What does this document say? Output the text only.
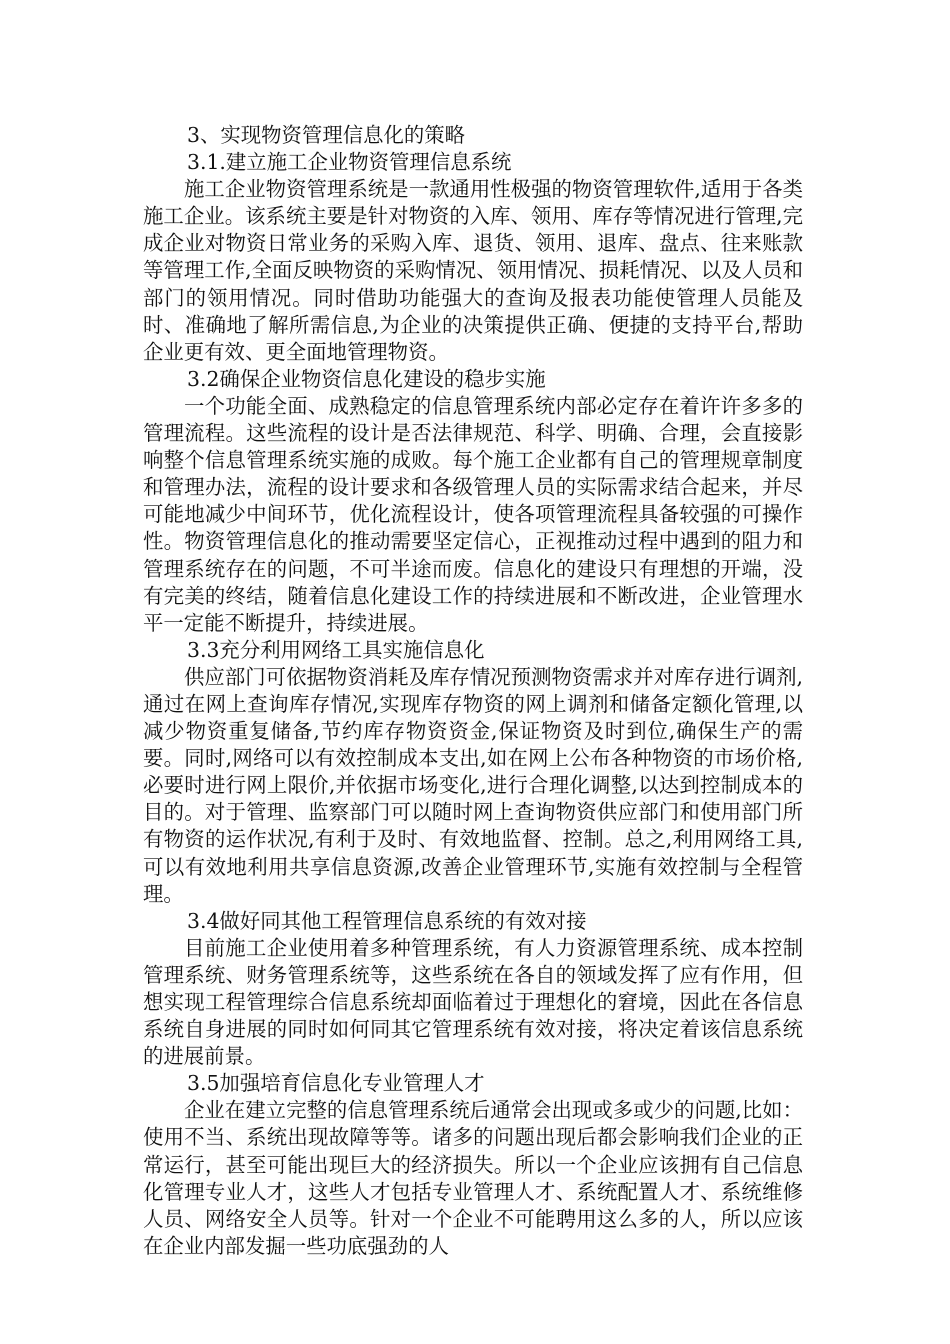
3、实现物资管理信息化的策略

3.1.建立施工企业物资管理信息系统

施工企业物资管理系统是一款通用性极强的物资管理软件,适用于各类施工企业。该系统主要是针对物资的入库、领用、库存等情况进行管理,完成企业对物资日常业务的采购入库、退货、领用、退库、盘点、往来账款等管理工作,全面反映物资的采购情况、领用情况、损耗情况、以及人员和部门的领用情况。同时借助功能强大的查询及报表功能使管理人员能及时、准确地了解所需信息,为企业的决策提供正确、便捷的支持平台,帮助企业更有效、更全面地管理物资。

3.2确保企业物资信息化建设的稳步实施

一个功能全面、成熟稳定的信息管理系统内部必定存在着许许多多的管理流程。这些流程的设计是否法律规范、科学、明确、合理，会直接影响整个信息管理系统实施的成败。每个施工企业都有自己的管理规章制度和管理办法，流程的设计要求和各级管理人员的实际需求结合起来，并尽可能地减少中间环节，优化流程设计，使各项管理流程具备较强的可操作性。物资管理信息化的推动需要坚定信心，正视推动过程中遇到的阻力和管理系统存在的问题，不可半途而废。信息化的建设只有理想的开端，没有完美的终结，随着信息化建设工作的持续进展和不断改进，企业管理水平一定能不断提升，持续进展。

3.3充分利用网络工具实施信息化

供应部门可依据物资消耗及库存情况预测物资需求并对库存进行调剂,通过在网上查询库存情况,实现库存物资的网上调剂和储备定额化管理,以减少物资重复储备,节约库存物资资金,保证物资及时到位,确保生产的需要。同时,网络可以有效控制成本支出,如在网上公布各种物资的市场价格,必要时进行网上限价,并依据市场变化,进行合理化调整,以达到控制成本的目的。对于管理、监察部门可以随时网上查询物资供应部门和使用部门所有物资的运作状况,有利于及时、有效地监督、控制。总之,利用网络工具,可以有效地利用共享信息资源,改善企业管理环节,实施有效控制与全程管理。

3.4做好同其他工程管理信息系统的有效对接

目前施工企业使用着多种管理系统，有人力资源管理系统、成本控制管理系统、财务管理系统等，这些系统在各自的领域发挥了应有作用，但想实现工程管理综合信息系统却面临着过于理想化的窘境，因此在各信息系统自身进展的同时如何同其它管理系统有效对接，将决定着该信息系统的进展前景。

3.5加强培育信息化专业管理人才

企业在建立完整的信息管理系统后通常会出现或多或少的问题,比如：使用不当、系统出现故障等等。诸多的问题出现后都会影响我们企业的正常运行，甚至可能出现巨大的经济损失。所以一个企业应该拥有自己信息化管理专业人才，这些人才包括专业管理人才、系统配置人才、系统维修人员、网络安全人员等。针对一个企业不可能聘用这么多的人，所以应该在企业内部发掘一些功底强劲的人
